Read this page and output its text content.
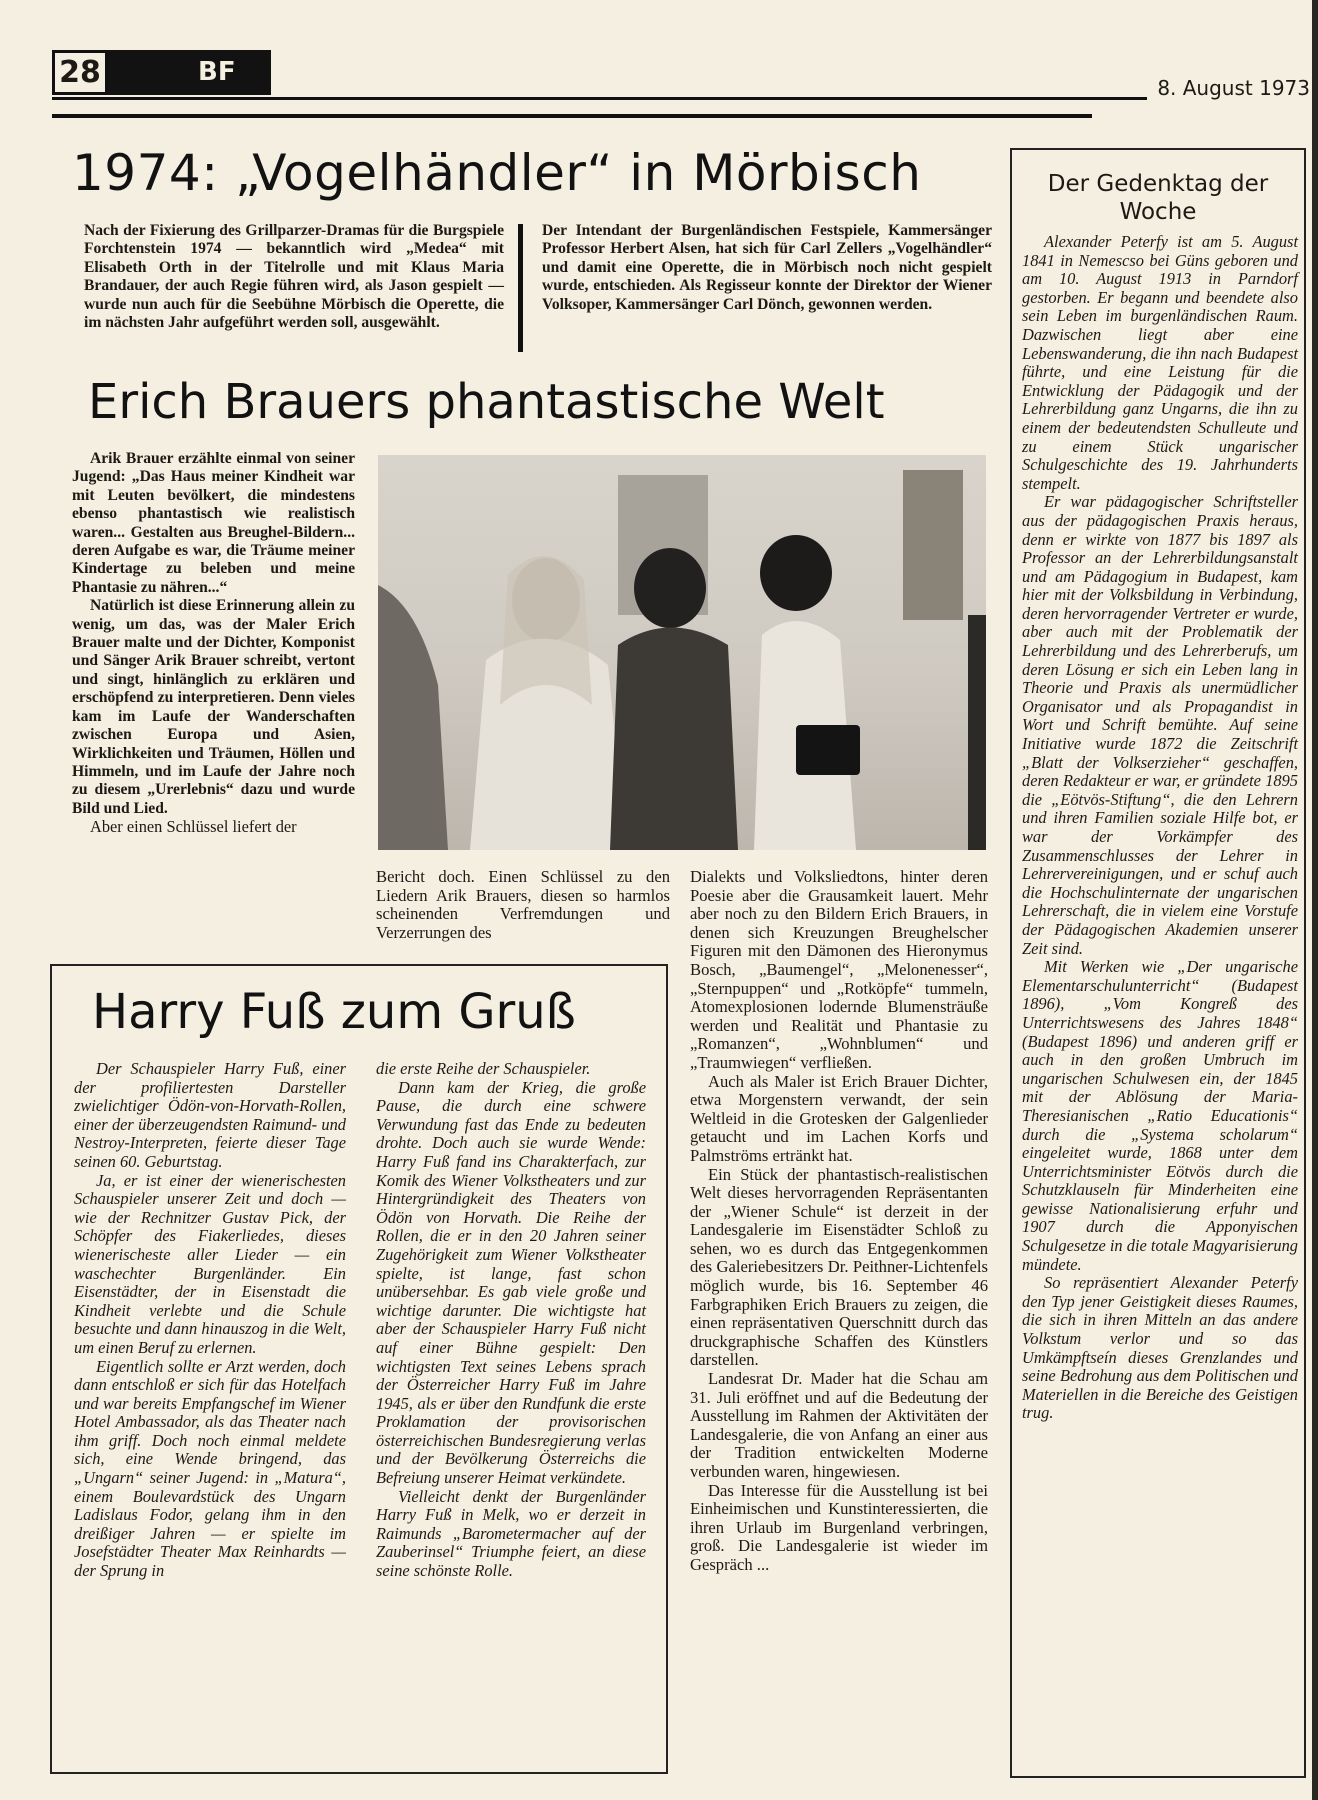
28	BF
8. August 1973
1974: „Vogelhändler“ in Mörbisch
Nach der Fixierung des Grillparzer-Dramas für die Burgspiele Forchtenstein 1974 — bekanntlich wird „Medea“ mit Elisabeth Orth in der Titelrolle und mit Klaus Maria Brandauer, der auch Regie führen wird, als Jason gespielt — wurde nun auch für die Seebühne Mörbisch die Operette, die im nächsten Jahr aufgeführt werden soll, ausgewählt.
Der Intendant der Burgenländischen Festspiele, Kammersänger Professor Herbert Alsen, hat sich für Carl Zellers „Vogelhändler“ und damit eine Operette, die in Mörbisch noch nicht gespielt wurde, entschieden. Als Regisseur konnte der Direktor der Wiener Volksoper, Kammersänger Carl Dönch, gewonnen werden.
Erich Brauers phantastische Welt

Arik Brauer erzählte einmal von seiner Jugend: „Das Haus meiner Kindheit war mit Leuten bevölkert, die mindestens ebenso phantastisch wie realistisch waren... Gestalten aus Breughel-Bildern... deren Aufgabe es war, die Träume meiner Kindertage zu beleben und meine Phantasie zu nähren...“

Natürlich ist diese Erinnerung allein zu wenig, um das, was der Maler Erich Brauer malte und der Dichter, Komponist und Sänger Arik Brauer schreibt, vertont und singt, hinlänglich zu erklären und erschöpfend zu interpretieren. Denn vieles kam im Laufe der Wanderschaften zwischen Europa und Asien, Wirklichkeiten und Träumen, Höllen und Himmeln, und im Laufe der Jahre noch zu diesem „Urerlebnis“ dazu und wurde Bild und Lied.

Aber einen Schlüssel liefert der

Bericht doch. Einen Schlüssel zu den Liedern Arik Brauers, diesen so harmlos scheinenden Verfremdungen und Verzerrungen des

Dialekts und Volksliedtons, hinter deren Poesie aber die Grausamkeit lauert. Mehr aber noch zu den Bildern Erich Brauers, in denen sich Kreuzungen Breughelscher Figuren mit den Dämonen des Hieronymus Bosch, „Baumengel“, „Melonenesser“, „Sternpuppen“ und „Rotköpfe“ tummeln, Atomexplosionen lodernde Blumensträuße werden und Realität und Phantasie zu „Romanzen“, „Wohnblumen“ und „Traumwiegen“ verfließen.

Auch als Maler ist Erich Brauer Dichter, etwa Morgenstern verwandt, der sein Weltleid in die Grotesken der Galgenlieder getaucht und im Lachen Korfs und Palmströms ertränkt hat.

Ein Stück der phantastisch-realistischen Welt dieses hervorragenden Repräsentanten der „Wiener Schule“ ist derzeit in der Landesgalerie im Eisenstädter Schloß zu sehen, wo es durch das Entgegenkommen des Galeriebesitzers Dr. Peithner-Lichtenfels möglich wurde, bis 16. September 46 Farbgraphiken Erich Brauers zu zeigen, die einen repräsentativen Querschnitt durch das druckgraphische Schaffen des Künstlers darstellen.

Landesrat Dr. Mader hat die Schau am 31. Juli eröffnet und auf die Bedeutung der Ausstellung im Rahmen der Aktivitäten der Landesgalerie, die von Anfang an einer aus der Tradition entwickelten Moderne verbunden waren, hingewiesen.

Das Interesse für die Ausstellung ist bei Einheimischen und Kunstinteressierten, die ihren Urlaub im Burgenland verbringen, groß. Die Landesgalerie ist wieder im Gespräch ...

Harry Fuß zum Gruß

Der Schauspieler Harry Fuß, einer der profiliertesten Darsteller zwielichtiger Ödön-von-Horvath-Rollen, einer der überzeugendsten Raimund- und Nestroy-Interpreten, feierte dieser Tage seinen 60. Geburtstag.

Ja, er ist einer der wienerischesten Schauspieler unserer Zeit und doch — wie der Rechnitzer Gustav Pick, der Schöpfer des Fiakerliedes, dieses wienerischeste aller Lieder — ein waschechter Burgenländer. Ein Eisenstädter, der in Eisenstadt die Kindheit verlebte und die Schule besuchte und dann hinauszog in die Welt, um einen Beruf zu erlernen.

Eigentlich sollte er Arzt werden, doch dann entschloß er sich für das Hotelfach und war bereits Empfangschef im Wiener Hotel Ambassador, als das Theater nach ihm griff. Doch noch einmal meldete sich, eine Wende bringend, das „Ungarn“ seiner Jugend: in „Matura“, einem Boulevardstück des Ungarn Ladislaus Fodor, gelang ihm in den dreißiger Jahren — er spielte im Josefstädter Theater Max Reinhardts — der Sprung in

die erste Reihe der Schauspieler.

Dann kam der Krieg, die große Pause, die durch eine schwere Verwundung fast das Ende zu bedeuten drohte. Doch auch sie wurde Wende: Harry Fuß fand ins Charakterfach, zur Komik des Wiener Volkstheaters und zur Hintergründigkeit des Theaters von Ödön von Horvath. Die Reihe der Rollen, die er in den 20 Jahren seiner Zugehörigkeit zum Wiener Volkstheater spielte, ist lange, fast schon unübersehbar. Es gab viele große und wichtige darunter. Die wichtigste hat aber der Schauspieler Harry Fuß nicht auf einer Bühne gespielt: Den wichtigsten Text seines Lebens sprach der Österreicher Harry Fuß im Jahre 1945, als er über den Rundfunk die erste Proklamation der provisorischen österreichischen Bundesregierung verlas und der Bevölkerung Österreichs die Befreiung unserer Heimat verkündete.

Vielleicht denkt der Burgenländer Harry Fuß in Melk, wo er derzeit in Raimunds „Barometermacher auf der Zauberinsel“ Triumphe feiert, an diese seine schönste Rolle.

Der Gedenktag der
Woche

Alexander Peterfy ist am 5. August 1841 in Nemescso bei Güns geboren und am 10. August 1913 in Parndorf gestorben. Er begann und beendete also sein Leben im burgenländischen Raum. Dazwischen liegt aber eine Lebenswanderung, die ihn nach Budapest führte, und eine Leistung für die Entwicklung der Pädagogik und der Lehrerbildung ganz Ungarns, die ihn zu einem der bedeutendsten Schulleute und zu einem Stück ungarischer Schulgeschichte des 19. Jahrhunderts stempelt.

Er war pädagogischer Schriftsteller aus der pädagogischen Praxis heraus, denn er wirkte von 1877 bis 1897 als Professor an der Lehrerbildungsanstalt und am Pädagogium in Budapest, kam hier mit der Volksbildung in Verbindung, deren hervorragender Vertreter er wurde, aber auch mit der Problematik der Lehrerbildung und des Lehrerberufs, um deren Lösung er sich ein Leben lang in Theorie und Praxis als unermüdlicher Organisator und als Propagandist in Wort und Schrift bemühte. Auf seine Initiative wurde 1872 die Zeitschrift „Blatt der Volkserzieher“ geschaffen, deren Redakteur er war, er gründete 1895 die „Eötvös-Stiftung“, die den Lehrern und ihren Familien soziale Hilfe bot, er war der Vorkämpfer des Zusammenschlusses der Lehrer in Lehrervereinigungen, und er schuf auch die Hochschulinternate der ungarischen Lehrerschaft, die in vielem eine Vorstufe der Pädagogischen Akademien unserer Zeit sind.

Mit Werken wie „Der ungarische Elementarschulunterricht“ (Budapest 1896), „Vom Kongreß des Unterrichtswesens des Jahres 1848“ (Budapest 1896) und anderen griff er auch in den großen Umbruch im ungarischen Schulwesen ein, der 1845 mit der Ablösung der Maria-Theresianischen „Ratio Educationis“ durch die „Systema scholarum“ eingeleitet wurde, 1868 unter dem Unterrichtsminister Eötvös durch die Schutzklauseln für Minderheiten eine gewisse Nationalisierung erfuhr und 1907 durch die Apponyischen Schulgesetze in die totale Magyarisierung mündete.

So repräsentiert Alexander Peterfy den Typ jener Geistigkeit dieses Raumes, die sich in ihren Mitteln an das andere Volkstum verlor und so das Umkämpftseín dieses Grenzlandes und seine Bedrohung aus dem Politischen und Materiellen in die Bereiche des Geistigen trug.
